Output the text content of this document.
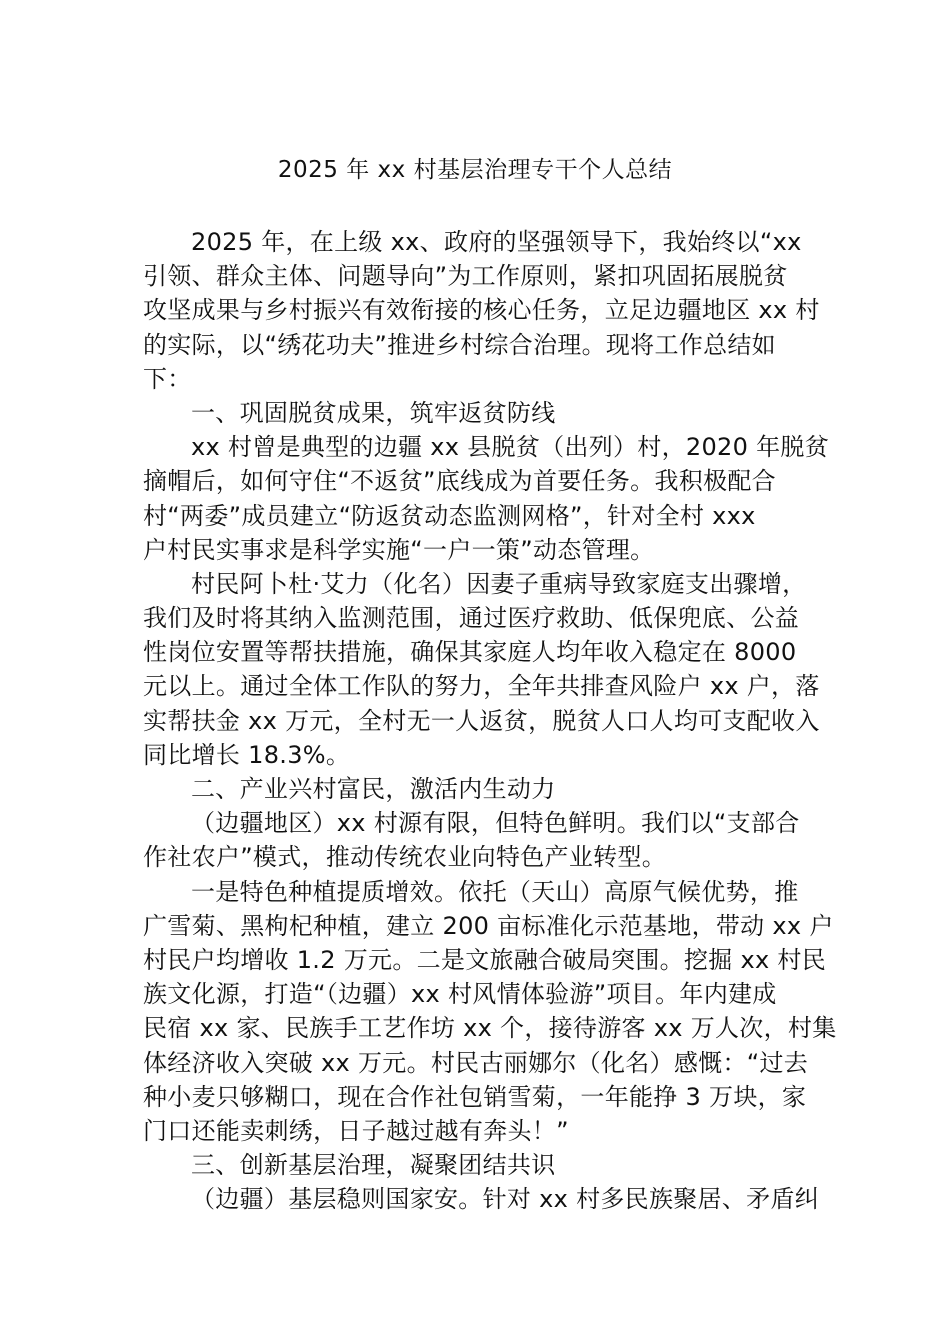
2025 年 xx 村基层治理专干个人总结
2025 年，在上级 xx、政府的坚强领导下，我始终以“xx
引领、群众主体、问题导向”为工作原则，紧扣巩固拓展脱贫
攻坚成果与乡村振兴有效衔接的核心任务，立足边疆地区 xx 村
的实际，以“绣花功夫”推进乡村综合治理。现将工作总结如
下：
一、巩固脱贫成果，筑牢返贫防线
xx 村曾是典型的边疆 xx 县脱贫（出列）村，2020 年脱贫
摘帽后，如何守住“不返贫”底线成为首要任务。我积极配合
村“两委”成员建立“防返贫动态监测网格”，针对全村 xxx
户村民实事求是科学实施“一户一策”动态管理。
村民阿卜杜·艾力（化名）因妻子重病导致家庭支出骤增，
我们及时将其纳入监测范围，通过医疗救助、低保兜底、公益
性岗位安置等帮扶措施，确保其家庭人均年收入稳定在 8000
元以上。通过全体工作队的努力，全年共排查风险户 xx 户，落
实帮扶金 xx 万元，全村无一人返贫，脱贫人口人均可支配收入
同比增长 18.3%。
二、产业兴村富民，激活内生动力
（边疆地区）xx 村源有限，但特色鲜明。我们以“支部合
作社农户”模式，推动传统农业向特色产业转型。
一是特色种植提质增效。依托（天山）高原气候优势，推
广雪菊、黑枸杞种植，建立 200 亩标准化示范基地，带动 xx 户
村民户均增收 1.2 万元。二是文旅融合破局突围。挖掘 xx 村民
族文化源，打造“（边疆）xx 村风情体验游”项目。年内建成
民宿 xx 家、民族手工艺作坊 xx 个，接待游客 xx 万人次，村集
体经济收入突破 xx 万元。村民古丽娜尔（化名）感慨：“过去
种小麦只够糊口，现在合作社包销雪菊，一年能挣 3 万块，家
门口还能卖刺绣，日子越过越有奔头！”
三、创新基层治理，凝聚团结共识
（边疆）基层稳则国家安。针对 xx 村多民族聚居、矛盾纠
